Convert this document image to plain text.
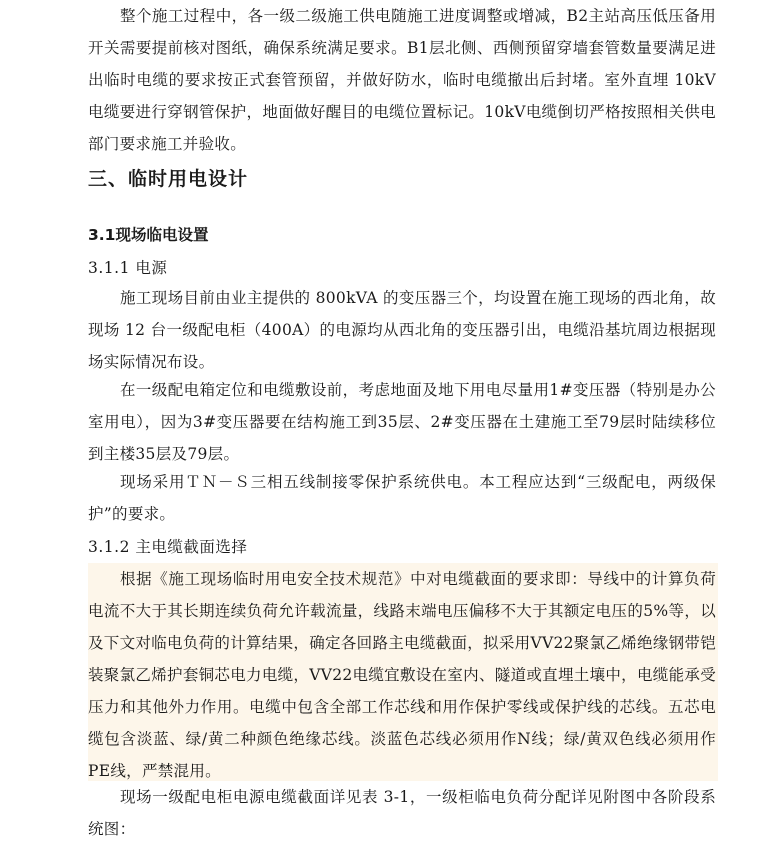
整个施工过程中，各一级二级施工供电随施工进度调整或增减，B2主站高压低压备用开关需要提前核对图纸，确保系统满足要求。B1层北侧、西侧预留穿墙套管数量要满足进出临时电缆的要求按正式套管预留，并做好防水，临时电缆撤出后封堵。室外直埋 10kV 电缆要进行穿钢管保护，地面做好醒目的电缆位置标记。10kV电缆倒切严格按照相关供电部门要求施工并验收。

三、临时用电设计
3.1现场临电设置
3.1.1 电源

施工现场目前由业主提供的 800kVA 的变压器三个，均设置在施工现场的西北角，故现场 12 台一级配电柜（400A）的电源均从西北角的变压器引出，电缆沿基坑周边根据现场实际情况布设。

在一级配电箱定位和电缆敷设前，考虑地面及地下用电尽量用1#变压器（特别是办公室用电），因为3#变压器要在结构施工到35层、2#变压器在土建施工至79层时陆续移位到主楼35层及79层。

现场采用ＴＮ－Ｓ三相五线制接零保护系统供电。本工程应达到“三级配电，两级保护”的要求。

3.1.2 主电缆截面选择

根据《施工现场临时用电安全技术规范》中对电缆截面的要求即：导线中的计算负荷电流不大于其长期连续负荷允许载流量，线路末端电压偏移不大于其额定电压的5%等，以及下文对临电负荷的计算结果，确定各回路主电缆截面，拟采用VV22聚氯乙烯绝缘钢带铠装聚氯乙烯护套铜芯电力电缆，VV22电缆宜敷设在室内、隧道或直埋土壤中，电缆能承受压力和其他外力作用。电缆中包含全部工作芯线和用作保护零线或保护线的芯线。五芯电缆包含淡蓝、绿/黄二种颜色绝缘芯线。淡蓝色芯线必须用作N线；绿/黄双色线必须用作PE线，严禁混用。

现场一级配电柜电源电缆截面详见表 3-1，一级柜临电负荷分配详见附图中各阶段系统图：
